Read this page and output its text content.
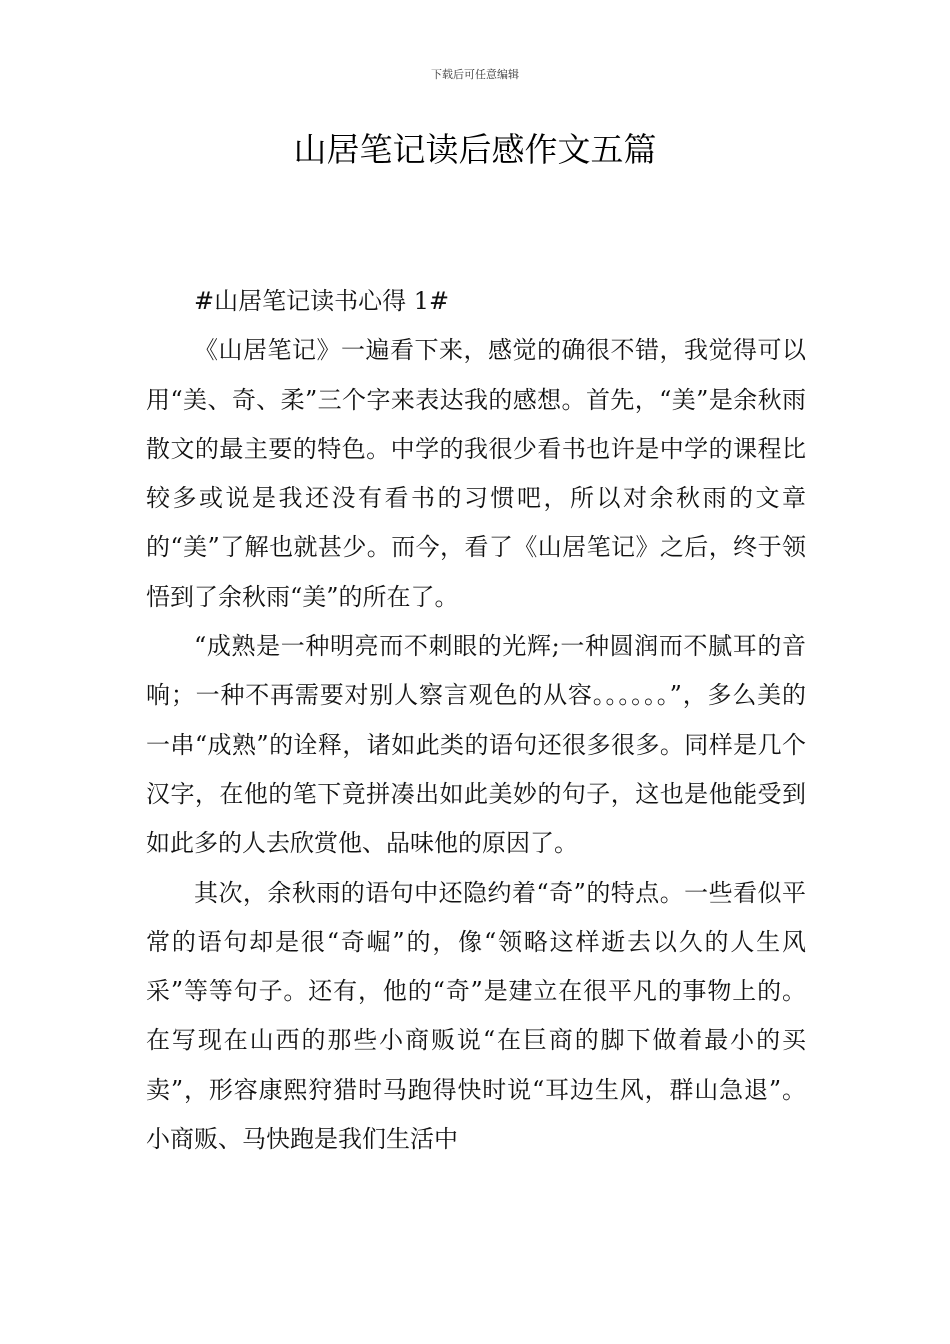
下载后可任意编辑
山居笔记读后感作文五篇

#山居笔记读书心得 1#

《山居笔记》一遍看下来，感觉的确很不错，我觉得可以用“美、奇、柔”三个字来表达我的感想。首先，“美”是余秋雨散文的最主要的特色。中学的我很少看书也许是中学的课程比较多或说是我还没有看书的习惯吧，所以对余秋雨的文章的“美”了解也就甚少。而今，看了《山居笔记》之后，终于领悟到了余秋雨“美”的所在了。

“成熟是一种明亮而不刺眼的光辉;一种圆润而不腻耳的音响；一种不再需要对别人察言观色的从容。。。。。。”，多么美的一串“成熟”的诠释，诸如此类的语句还很多很多。同样是几个汉字，在他的笔下竟拼凑出如此美妙的句子，这也是他能受到如此多的人去欣赏他、品味他的原因了。

其次，余秋雨的语句中还隐约着“奇”的特点。一些看似平常的语句却是很“奇崛”的，像“领略这样逝去以久的人生风采”等等句子。还有，他的“奇”是建立在很平凡的事物上的。在写现在山西的那些小商贩说“在巨商的脚下做着最小的买卖”，形容康熙狩猎时马跑得快时说“耳边生风，群山急退”。小商贩、马快跑是我们生活中
